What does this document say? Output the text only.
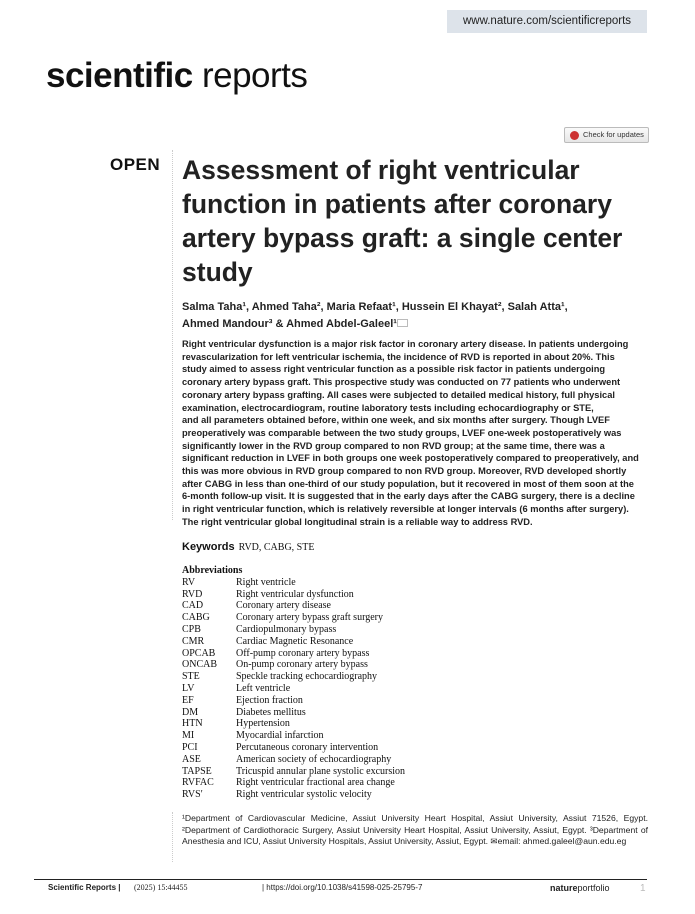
www.nature.com/scientificreports
scientific reports
Check for updates
OPEN Assessment of right ventricular function in patients after coronary artery bypass graft: a single center study
Salma Taha¹, Ahmed Taha², Maria Refaat¹, Hussein El Khayat², Salah Atta¹,
Ahmed Mandour³ & Ahmed Abdel-Galeel¹
Right ventricular dysfunction is a major risk factor in coronary artery disease. In patients undergoing
revascularization for left ventricular ischemia, the incidence of RVD is reported in about 20%. This
study aimed to assess right ventricular function as a possible risk factor in patients undergoing
coronary artery bypass graft. This prospective study was conducted on 77 patients who underwent
coronary artery bypass grafting. All cases were subjected to detailed medical history, full physical
examination, electrocardiogram, routine laboratory tests including echocardiography or STE,
and all parameters obtained before, within one week, and six months after surgery. Though LVEF
preoperatively was comparable between the two study groups, LVEF one-week postoperatively was
significantly lower in the RVD group compared to non RVD group; at the same time, there was a
significant reduction in LVEF in both groups one week postoperatively compared to preoperatively, and
this was more obvious in RVD group compared to non RVD group. Moreover, RVD developed shortly
after CABG in less than one-third of our study population, but it recovered in most of them soon at the
6-month follow-up visit. It is suggested that in the early days after the CABG surgery, there is a decline
in right ventricular function, which is relatively reversible at longer intervals (6 months after surgery).
The right ventricular global longitudinal strain is a reliable way to address RVD.
Keywords RVD, CABG, STE
Abbreviations
RV	Right ventricle
RVD	Right ventricular dysfunction
CAD	Coronary artery disease
CABG	Coronary artery bypass graft surgery
CPB	Cardiopulmonary bypass
CMR	Cardiac Magnetic Resonance
OPCAB	Off-pump coronary artery bypass
ONCAB	On-pump coronary artery bypass
STE	Speckle tracking echocardiography
LV	Left ventricle
EF	Ejection fraction
DM	Diabetes mellitus
HTN	Hypertension
MI	Myocardial infarction
PCI	Percutaneous coronary intervention
ASE	American society of echocardiography
TAPSE	Tricuspid annular plane systolic excursion
RVFAC	Right ventricular fractional area change
RVS′	Right ventricular systolic velocity
¹Department of Cardiovascular Medicine, Assiut University Heart Hospital, Assiut University, Assiut 71526, Egypt. ²Department of Cardiothoracic Surgery, Assiut University Heart Hospital, Assiut University, Assiut, Egypt. ³Department of Anesthesia and ICU, Assiut University Hospitals, Assiut University, Assiut, Egypt. ✉email: ahmed.galeel@aun.edu.eg
Scientific Reports | (2025) 15:44455	| https://doi.org/10.1038/s41598-025-25795-7	natureportfolio	1
